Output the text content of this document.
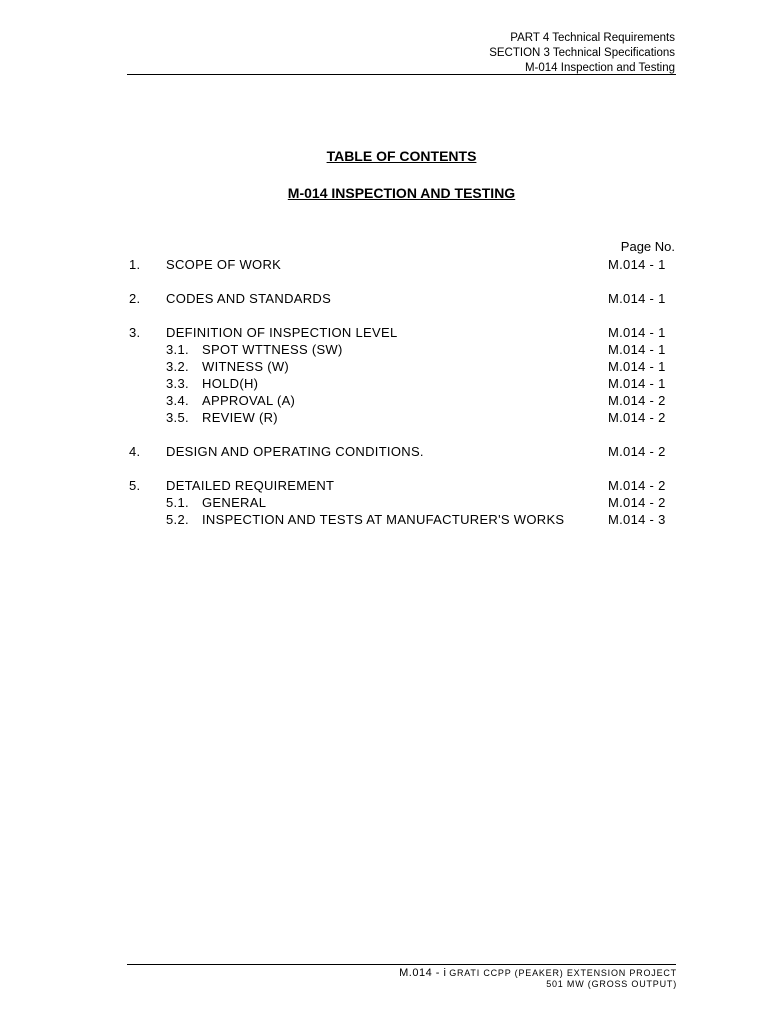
PART 4 Technical Requirements
SECTION 3 Technical Specifications
M-014 Inspection and Testing
TABLE OF CONTENTS
M-014 INSPECTION AND TESTING
Page No.
1. SCOPE OF WORK	M.014 - 1
2. CODES AND STANDARDS	M.014 - 1
3. DEFINITION OF INSPECTION LEVEL	M.014 - 1
3.1. SPOT WTTNESS (SW)	M.014 - 1
3.2. WITNESS (W)	M.014 - 1
3.3. HOLD(H)	M.014 - 1
3.4. APPROVAL (A)	M.014 - 2
3.5. REVIEW (R)	M.014 - 2
4. DESIGN AND OPERATING CONDITIONS.	M.014 - 2
5. DETAILED REQUIREMENT	M.014 - 2
5.1. GENERAL	M.014 - 2
5.2. INSPECTION AND TESTS AT MANUFACTURER'S WORKS	M.014 - 3
M.014 - i GRATI CCPP (PEAKER) EXTENSION PROJECT
501 MW (GROSS OUTPUT)
